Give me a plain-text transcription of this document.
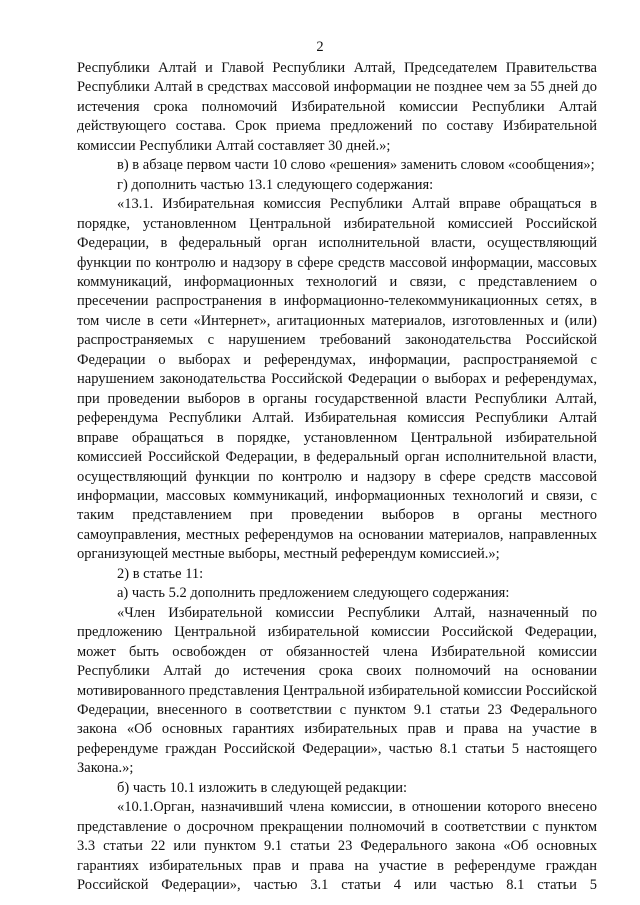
2

Республики Алтай и Главой Республики Алтай, Председателем Правительства Республики Алтай в средствах массовой информации не позднее чем за 55 дней до истечения срока полномочий Избирательной комиссии Республики Алтай действующего состава. Срок приема предложений по составу Избирательной комиссии Республики Алтай составляет 30 дней.»;

в) в абзаце первом части 10 слово «решения» заменить словом «сообщения»;

г) дополнить частью 13.1 следующего содержания:

«13.1. Избирательная комиссия Республики Алтай вправе обращаться в порядке, установленном Центральной избирательной комиссией Российской Федерации, в федеральный орган исполнительной власти, осуществляющий функции по контролю и надзору в сфере средств массовой информации, массовых коммуникаций, информационных технологий и связи, с представлением о пресечении распространения в информационно-телекоммуникационных сетях, в том числе в сети «Интернет», агитационных материалов, изготовленных и (или) распространяемых с нарушением требований законодательства Российской Федерации о выборах и референдумах, информации, распространяемой с нарушением законодательства Российской Федерации о выборах и референдумах, при проведении выборов в органы государственной власти Республики Алтай, референдума Республики Алтай. Избирательная комиссия Республики Алтай вправе обращаться в порядке, установленном Центральной избирательной комиссией Российской Федерации, в федеральный орган исполнительной власти, осуществляющий функции по контролю и надзору в сфере средств массовой информации, массовых коммуникаций, информационных технологий и связи, с таким представлением при проведении выборов в органы местного самоуправления, местных референдумов на основании материалов, направленных организующей местные выборы, местный референдум комиссией.»;

2) в статье 11:

а) часть 5.2 дополнить предложением следующего содержания:

«Член Избирательной комиссии Республики Алтай, назначенный по предложению Центральной избирательной комиссии Российской Федерации, может быть освобожден от обязанностей члена Избирательной комиссии Республики Алтай до истечения срока своих полномочий на основании мотивированного представления Центральной избирательной комиссии Российской Федерации, внесенного в соответствии с пунктом 9.1 статьи 23 Федерального закона «Об основных гарантиях избирательных прав и права на участие в референдуме граждан Российской Федерации», частью 8.1 статьи 5 настоящего Закона.»;

б) часть 10.1 изложить в следующей редакции:

«10.1.Орган, назначивший члена комиссии, в отношении которого внесено представление о досрочном прекращении полномочий в соответствии с пунктом 3.3 статьи 22 или пунктом 9.1 статьи 23 Федерального закона «Об основных гарантиях избирательных прав и права на участие в референдуме граждан Российской Федерации», частью 3.1 статьи 4 или частью 8.1 статьи 5
